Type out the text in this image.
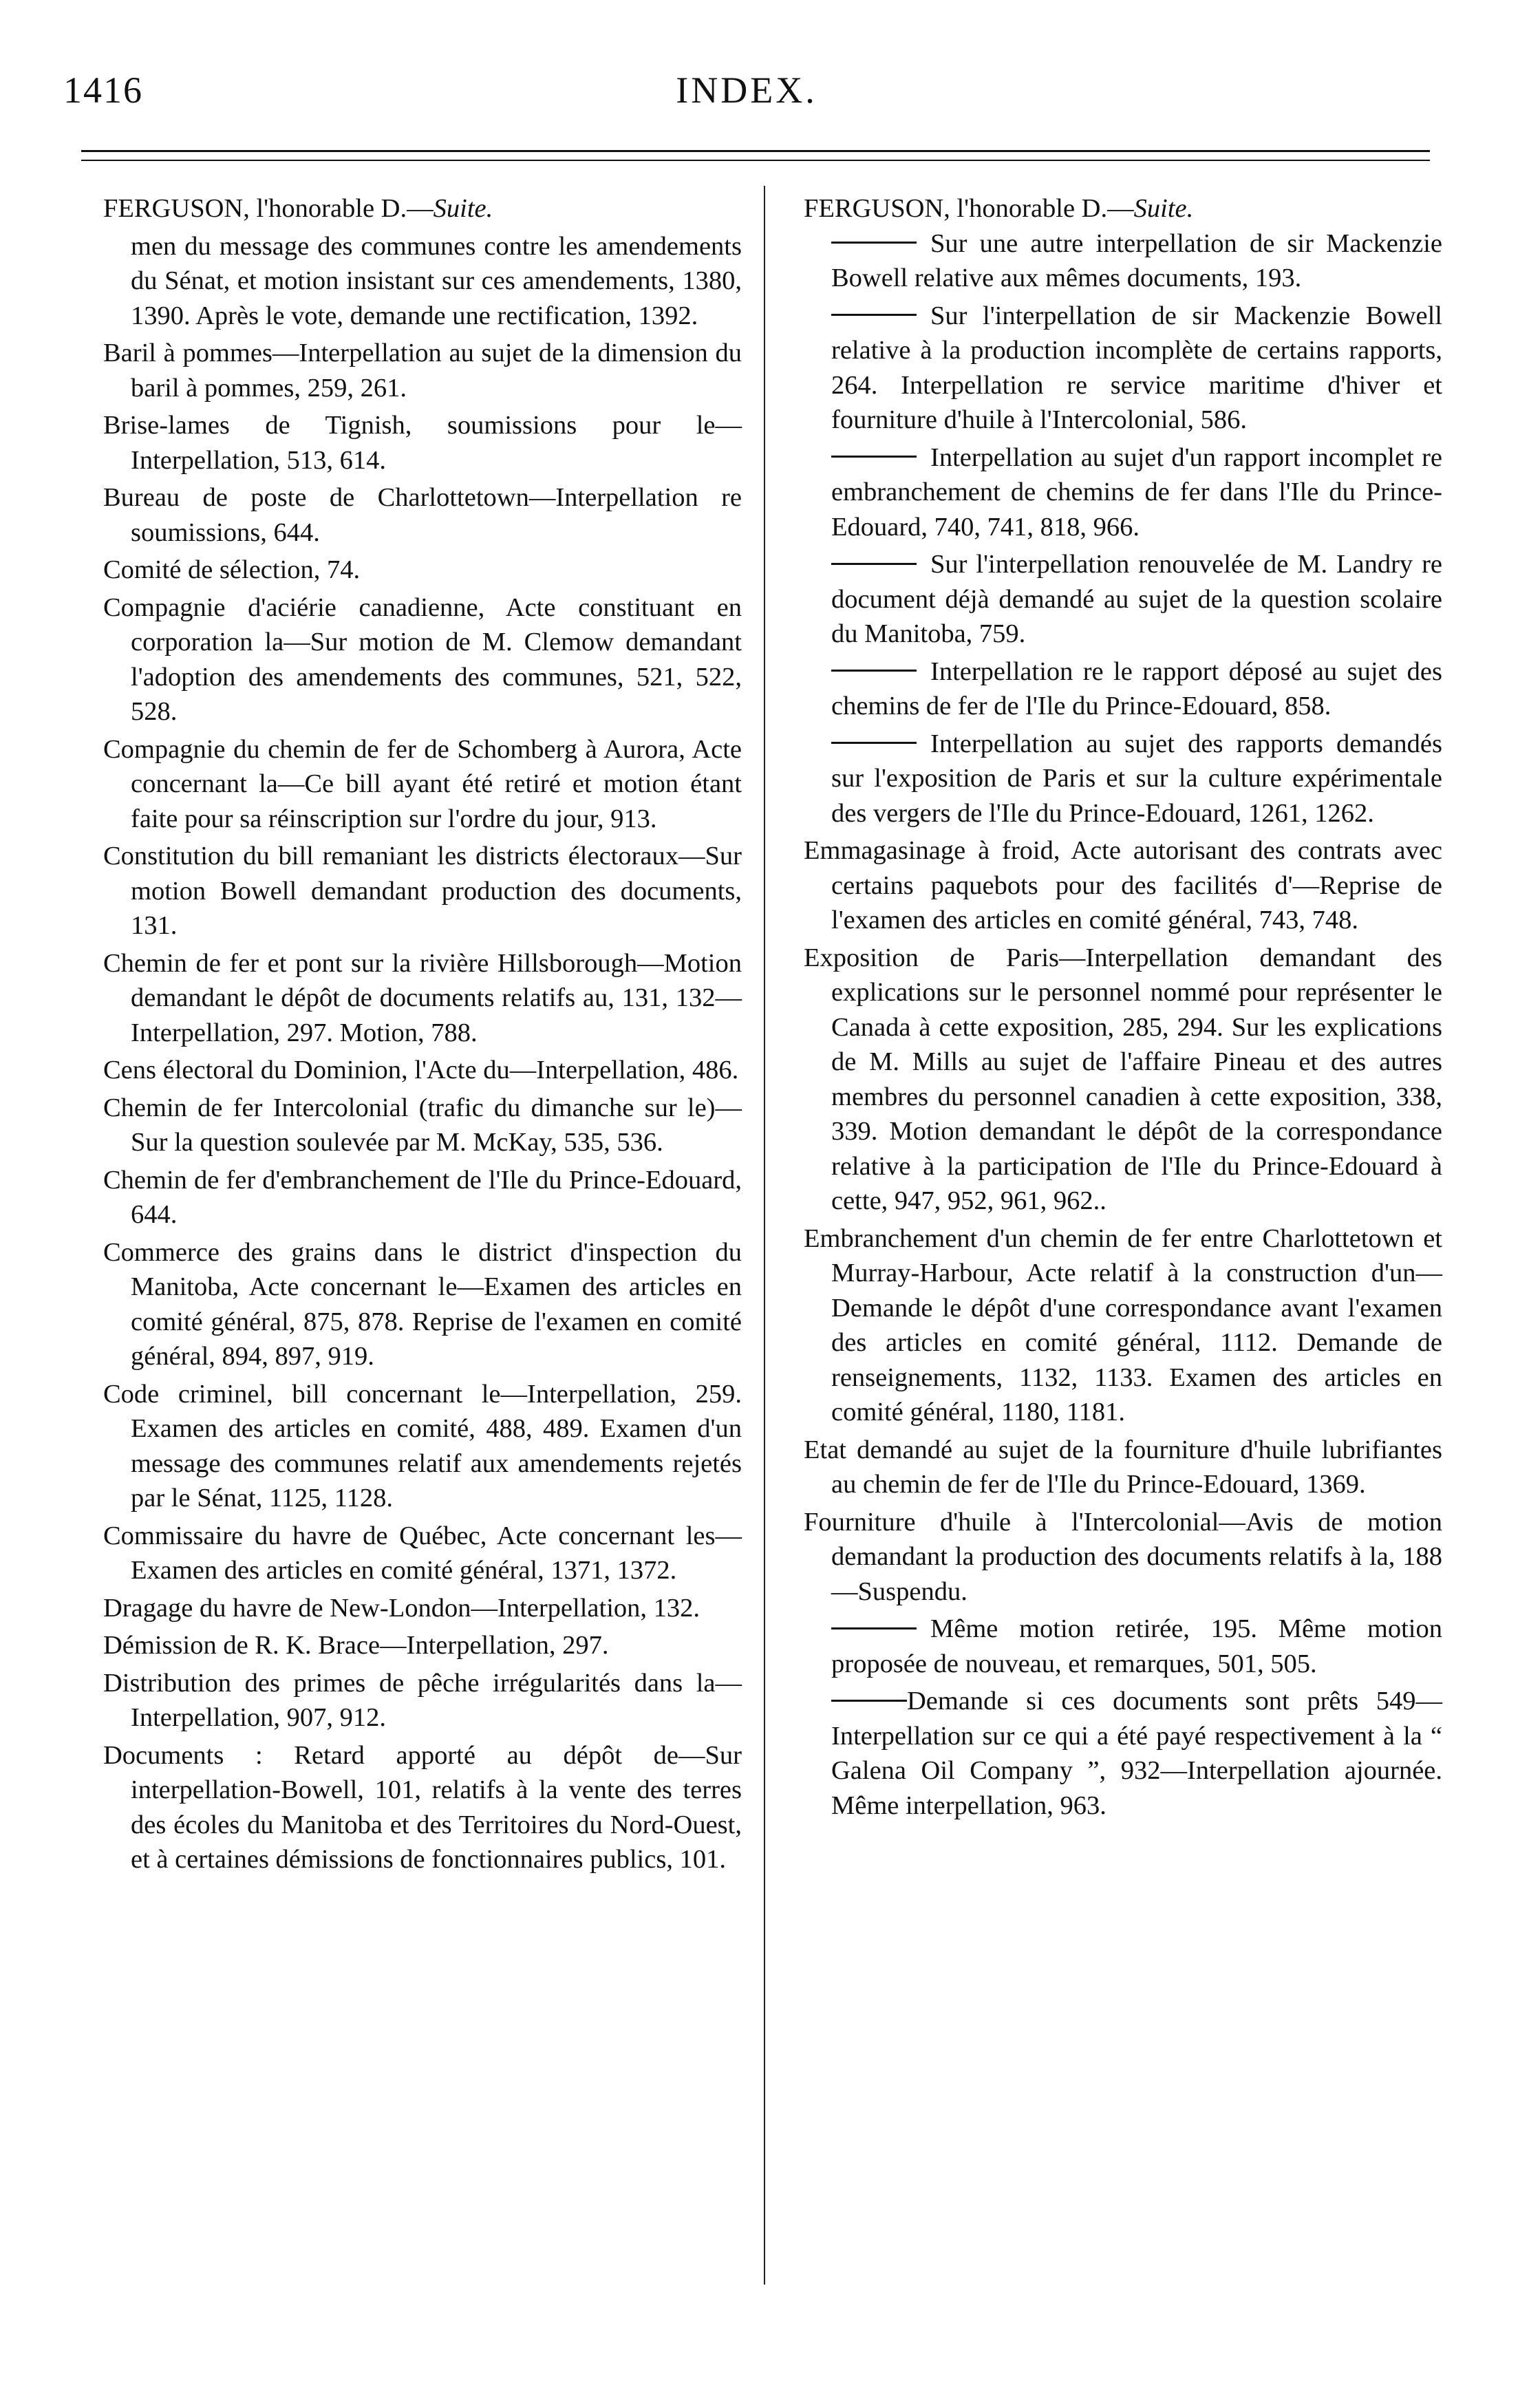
1416	INDEX.

FERGUSON, l'honorable D.—Suite.

men du message des communes contre les amendements du Sénat, et motion insistant sur ces amendements, 1380, 1390. Après le vote, demande une rectification, 1392.

Baril à pommes—Interpellation au sujet de la dimension du baril à pommes, 259, 261.

Brise-lames de Tignish, soumissions pour le—Interpellation, 513, 614.

Bureau de poste de Charlottetown—Interpellation re soumissions, 644.

Comité de sélection, 74.

Compagnie d'aciérie canadienne, Acte constituant en corporation la—Sur motion de M. Clemow demandant l'adoption des amendements des communes, 521, 522, 528.

Compagnie du chemin de fer de Schomberg à Aurora, Acte concernant la—Ce bill ayant été retiré et motion étant faite pour sa réinscription sur l'ordre du jour, 913.

Constitution du bill remaniant les districts électoraux—Sur motion Bowell demandant production des documents, 131.

Chemin de fer et pont sur la rivière Hillsborough—Motion demandant le dépôt de documents relatifs au, 131, 132—Interpellation, 297. Motion, 788.

Cens électoral du Dominion, l'Acte du—Interpellation, 486.

Chemin de fer Intercolonial (trafic du dimanche sur le)—Sur la question soulevée par M. McKay, 535, 536.

Chemin de fer d'embranchement de l'Ile du Prince-Edouard, 644.

Commerce des grains dans le district d'inspection du Manitoba, Acte concernant le—Examen des articles en comité général, 875, 878. Reprise de l'examen en comité général, 894, 897, 919.

Code criminel, bill concernant le—Interpellation, 259. Examen des articles en comité, 488, 489. Examen d'un message des communes relatif aux amendements rejetés par le Sénat, 1125, 1128.

Commissaire du havre de Québec, Acte concernant les—Examen des articles en comité général, 1371, 1372.

Dragage du havre de New-London—Interpellation, 132.

Démission de R. K. Brace—Interpellation, 297.

Distribution des primes de pêche irrégularités dans la—Interpellation, 907, 912.

Documents : Retard apporté au dépôt de—Sur interpellation-Bowell, 101, relatifs à la vente des terres des écoles du Manitoba et des Territoires du Nord-Ouest, et à certaines démissions de fonctionnaires publics, 101.

FERGUSON, l'honorable D.—Suite.

Sur une autre interpellation de sir Mackenzie Bowell relative aux mêmes documents, 193.

Sur l'interpellation de sir Mackenzie Bowell relative à la production incomplète de certains rapports, 264. Interpellation re service maritime d'hiver et fourniture d'huile à l'Intercolonial, 586.

Interpellation au sujet d'un rapport incomplet re embranchement de chemins de fer dans l'Ile du Prince-Edouard, 740, 741, 818, 966.

Sur l'interpellation renouvelée de M. Landry re document déjà demandé au sujet de la question scolaire du Manitoba, 759.

Interpellation re le rapport déposé au sujet des chemins de fer de l'Ile du Prince-Edouard, 858.

Interpellation au sujet des rapports demandés sur l'exposition de Paris et sur la culture expérimentale des vergers de l'Ile du Prince-Edouard, 1261, 1262.

Emmagasinage à froid, Acte autorisant des contrats avec certains paquebots pour des facilités d'—Reprise de l'examen des articles en comité général, 743, 748.

Exposition de Paris—Interpellation demandant des explications sur le personnel nommé pour représenter le Canada à cette exposition, 285, 294. Sur les explications de M. Mills au sujet de l'affaire Pineau et des autres membres du personnel canadien à cette exposition, 338, 339. Motion demandant le dépôt de la correspondance relative à la participation de l'Ile du Prince-Edouard à cette, 947, 952, 961, 962..

Embranchement d'un chemin de fer entre Charlottetown et Murray-Harbour, Acte relatif à la construction d'un—Demande le dépôt d'une correspondance avant l'examen des articles en comité général, 1112. Demande de renseignements, 1132, 1133. Examen des articles en comité général, 1180, 1181.

Etat demandé au sujet de la fourniture d'huile lubrifiantes au chemin de fer de l'Ile du Prince-Edouard, 1369.

Fourniture d'huile à l'Intercolonial—Avis de motion demandant la production des documents relatifs à la, 188—Suspendu.

Même motion retirée, 195. Même motion proposée de nouveau, et remarques, 501, 505.

Demande si ces documents sont prêts 549—Interpellation sur ce qui a été payé respectivement à la “ Galena Oil Company ”, 932—Interpellation ajournée. Même interpellation, 963.
